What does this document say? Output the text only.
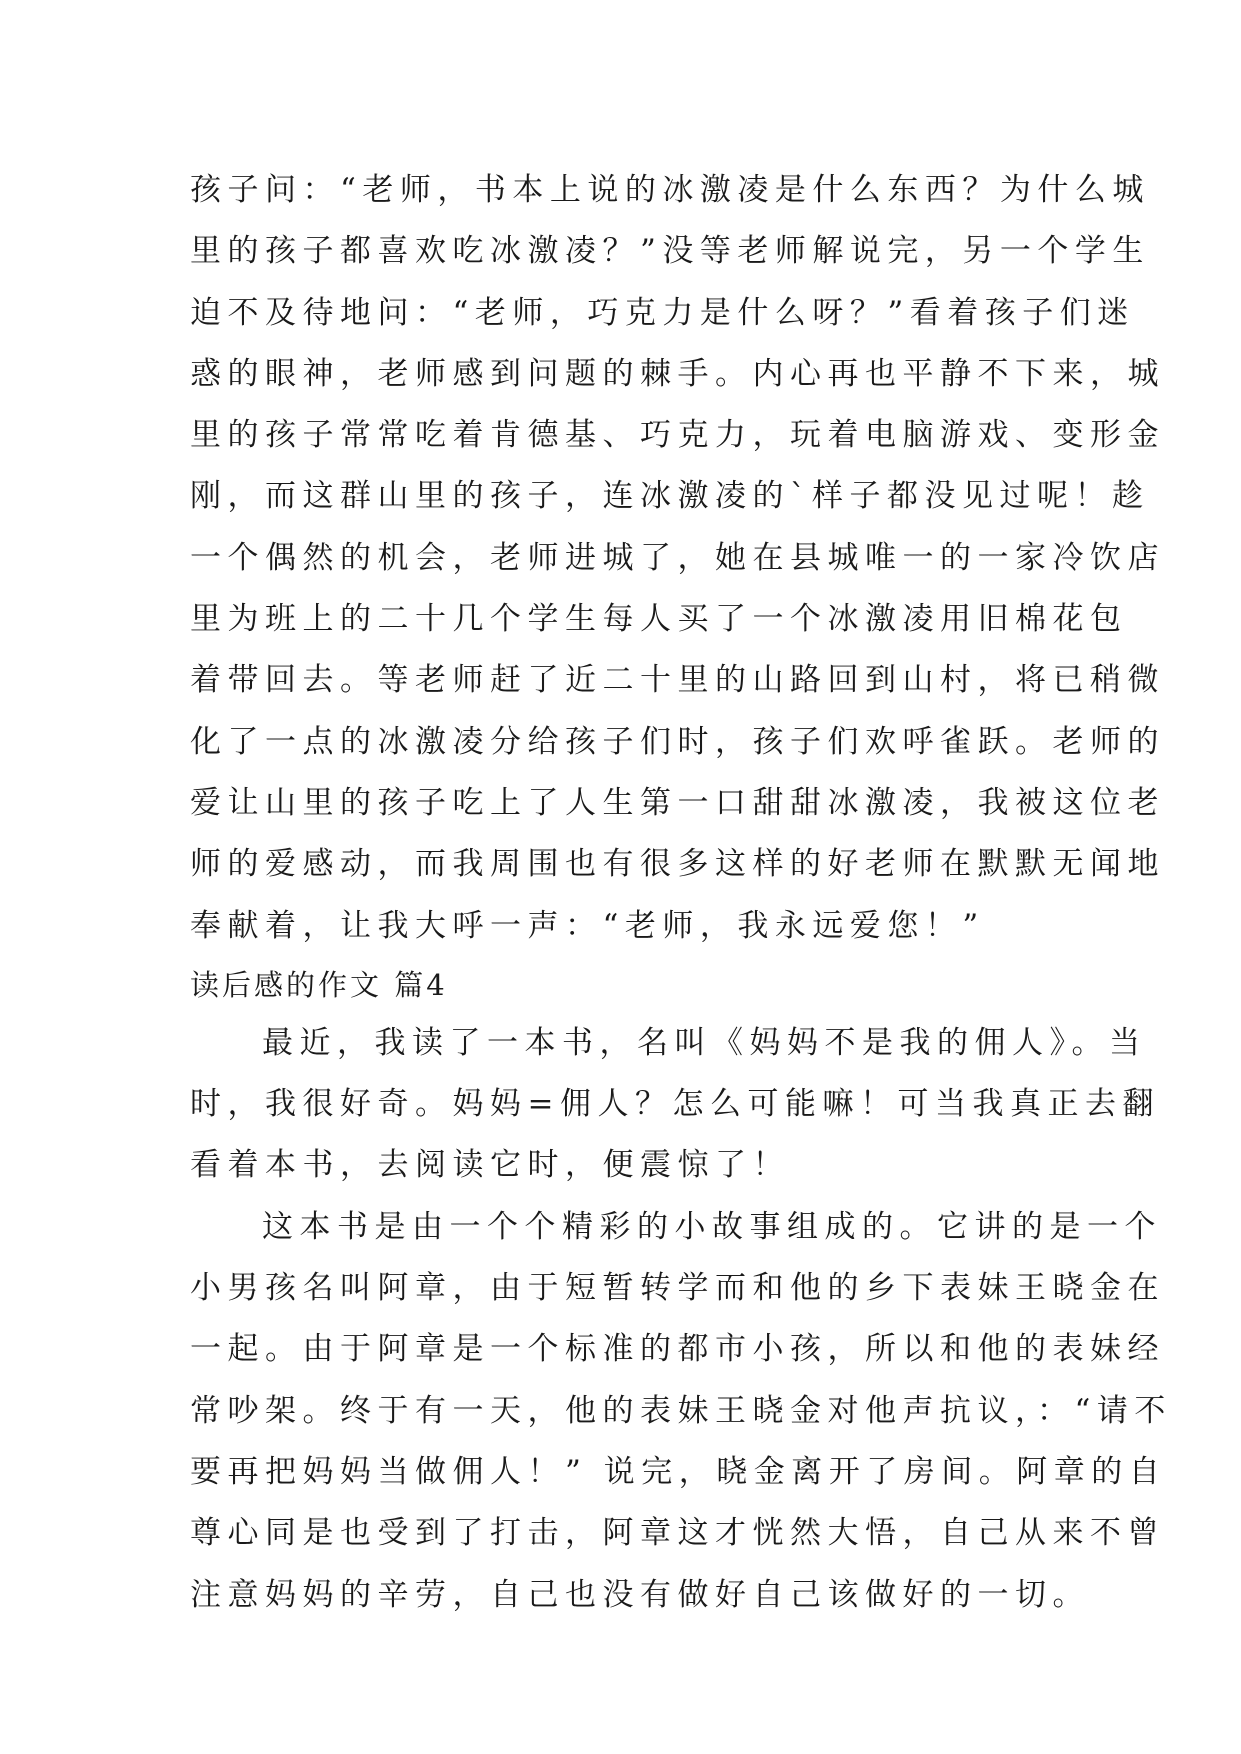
孩子问：“老师，书本上说的冰激凌是什么东西？为什么城
里的孩子都喜欢吃冰激凌？”没等老师解说完，另一个学生
迫不及待地问：“老师，巧克力是什么呀？”看着孩子们迷
惑的眼神，老师感到问题的棘手。内心再也平静不下来，城
里的孩子常常吃着肯德基、巧克力，玩着电脑游戏、变形金
刚，而这群山里的孩子，连冰激凌的`样子都没见过呢！趁
一个偶然的机会，老师进城了，她在县城唯一的一家冷饮店
里为班上的二十几个学生每人买了一个冰激凌用旧棉花包
着带回去。等老师赶了近二十里的山路回到山村，将已稍微
化了一点的冰激凌分给孩子们时，孩子们欢呼雀跃。老师的
爱让山里的孩子吃上了人生第一口甜甜冰激凌，我被这位老
师的爱感动，而我周围也有很多这样的好老师在默默无闻地
奉献着，让我大呼一声：“老师，我永远爱您！”
读后感的作文 篇4
最近，我读了一本书，名叫《妈妈不是我的佣人》。当
时，我很好奇。妈妈=佣人？怎么可能嘛！可当我真正去翻
看着本书，去阅读它时，便震惊了！
这本书是由一个个精彩的小故事组成的。它讲的是一个
小男孩名叫阿章，由于短暂转学而和他的乡下表妹王晓金在
一起。由于阿章是一个标准的都市小孩，所以和他的表妹经
常吵架。终于有一天，他的表妹王晓金对他声抗议，：“请不
要再把妈妈当做佣人！” 说完，晓金离开了房间。阿章的自
尊心同是也受到了打击，阿章这才恍然大悟，自己从来不曾
注意妈妈的辛劳，自己也没有做好自己该做好的一切。
